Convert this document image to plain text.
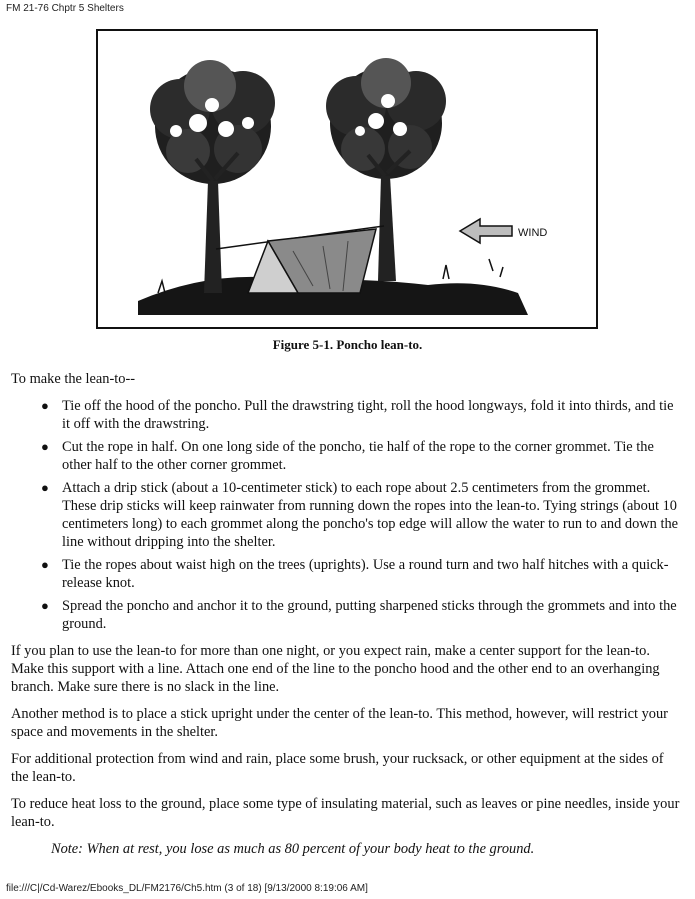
FM 21-76 Chptr 5 Shelters
WIND
Figure 5-1. Poncho lean-to.

To make the lean-to--

● Tie off the hood of the poncho. Pull the drawstring tight, roll the hood longways, fold it into thirds, and tie it off with the drawstring.
● Cut the rope in half. On one long side of the poncho, tie half of the rope to the corner grommet. Tie the other half to the other corner grommet.
● Attach a drip stick (about a 10-centimeter stick) to each rope about 2.5 centimeters from the grommet. These drip sticks will keep rainwater from running down the ropes into the lean-to. Tying strings (about 10 centimeters long) to each grommet along the poncho's top edge will allow the water to run to and down the line without dripping into the shelter.
● Tie the ropes about waist high on the trees (uprights). Use a round turn and two half hitches with a quick-release knot.
● Spread the poncho and anchor it to the ground, putting sharpened sticks through the grommets and into the ground.

If you plan to use the lean-to for more than one night, or you expect rain, make a center support for the lean-to. Make this support with a line. Attach one end of the line to the poncho hood and the other end to an overhanging branch. Make sure there is no slack in the line.

Another method is to place a stick upright under the center of the lean-to. This method, however, will restrict your space and movements in the shelter.

For additional protection from wind and rain, place some brush, your rucksack, or other equipment at the sides of the lean-to.

To reduce heat loss to the ground, place some type of insulating material, such as leaves or pine needles, inside your lean-to.

Note: When at rest, you lose as much as 80 percent of your body heat to the ground.

file:///C|/Cd-Warez/Ebooks_DL/FM2176/Ch5.htm (3 of 18) [9/13/2000 8:19:06 AM]
